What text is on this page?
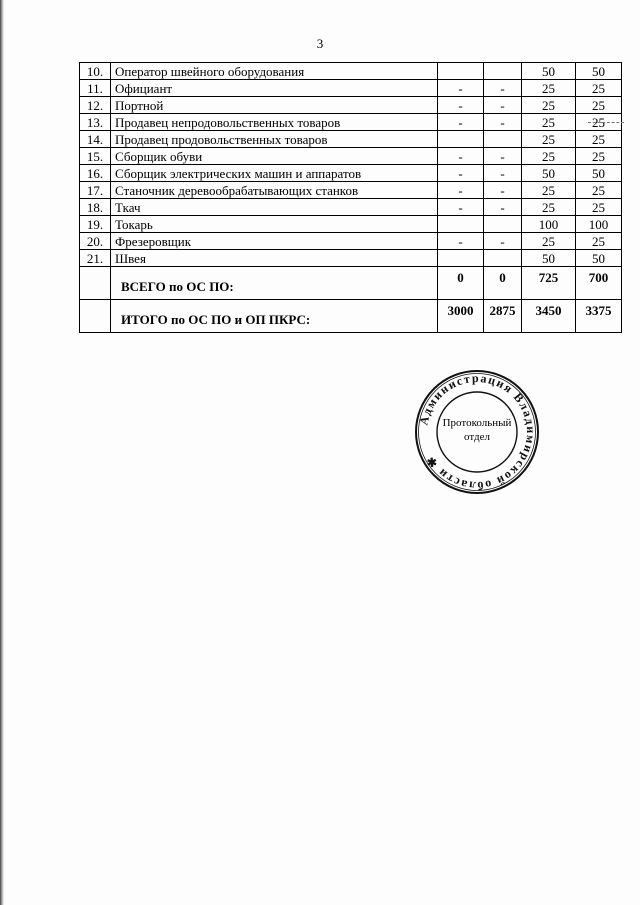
3
10.	Оператор швейного оборудования			50	50
11.	Официант	-	-	25	25
12.	Портной	-	-	25	25
13.	Продавец непродовольственных товаров	-	-	25	25
14.	Продавец продовольственных товаров			25	25
15.	Сборщик обуви	-	-	25	25
16.	Сборщик электрических машин и аппаратов	-	-	50	50
17.	Станочник деревообрабатывающих станков	-	-	25	25
18.	Ткач	-	-	25	25
19.	Токарь			100	100
20.	Фрезеровщик	-	-	25	25
21.	Швея			50	50
	ВСЕГО по ОС ПО:	0	0	725	700
	ИТОГО по ОС ПО и ОП ПКРС:	3000	2875	3450	3375
Администрация Владимирской области ✱
Протокольный
отдел
